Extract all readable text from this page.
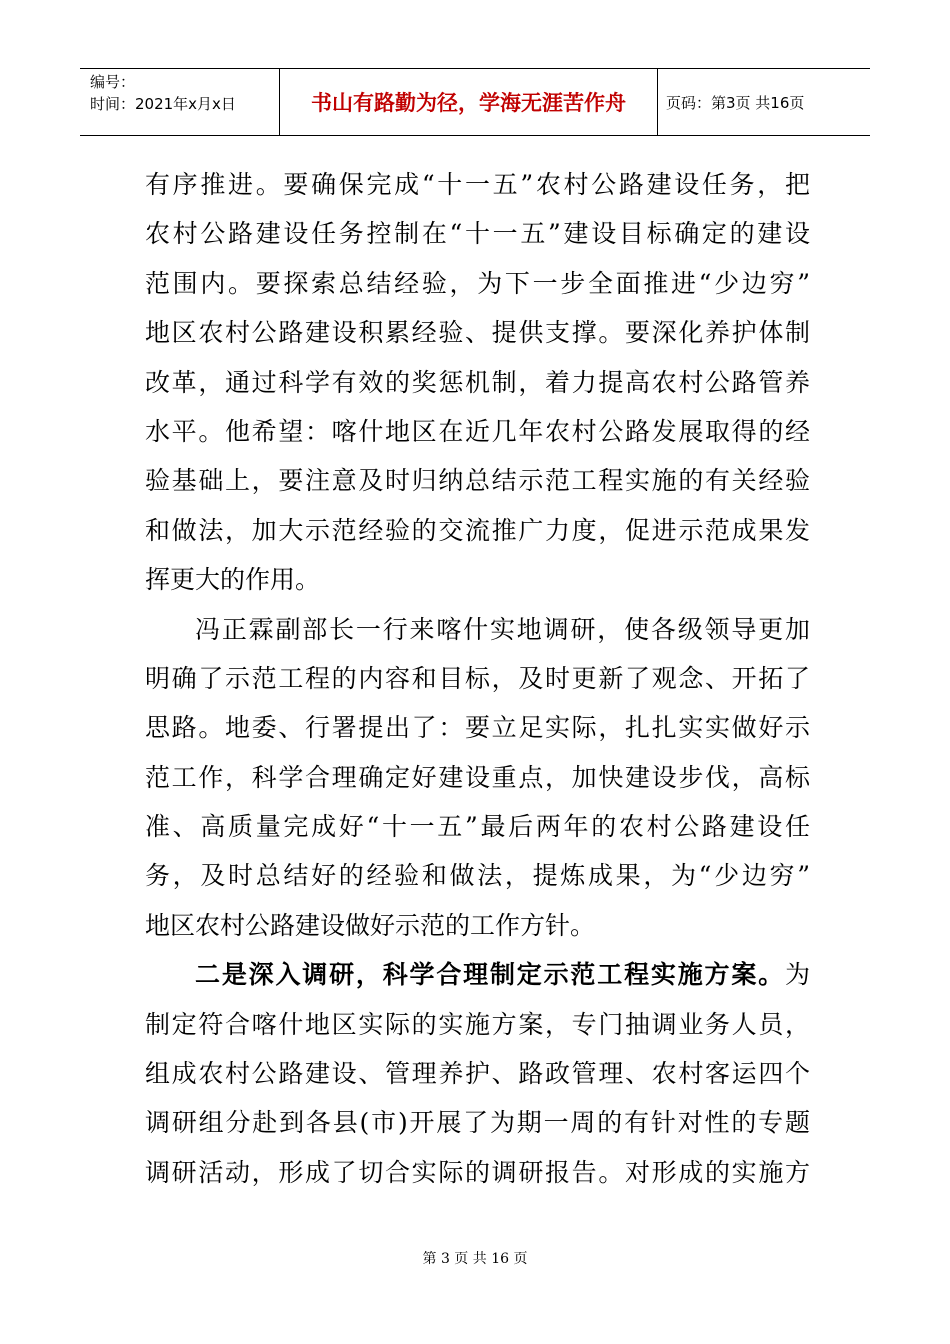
编号：
时间：2021年x月x日	书山有路勤为径，学海无涯苦作舟	页码：第3页 共16页
有序推进。要确保完成“十一五”农村公路建设任务，把
农村公路建设任务控制在“十一五”建设目标确定的建设
范围内。要探索总结经验，为下一步全面推进“少边穷”
地区农村公路建设积累经验、提供支撑。要深化养护体制
改革，通过科学有效的奖惩机制，着力提高农村公路管养
水平。他希望：喀什地区在近几年农村公路发展取得的经
验基础上，要注意及时归纳总结示范工程实施的有关经验
和做法，加大示范经验的交流推广力度，促进示范成果发
挥更大的作用。
冯正霖副部长一行来喀什实地调研，使各级领导更加
明确了示范工程的内容和目标，及时更新了观念、开拓了
思路。地委、行署提出了：要立足实际，扎扎实实做好示
范工作，科学合理确定好建设重点，加快建设步伐，高标
准、高质量完成好“十一五”最后两年的农村公路建设任
务，及时总结好的经验和做法，提炼成果，为“少边穷”
地区农村公路建设做好示范的工作方针。
二是深入调研，科学合理制定示范工程实施方案。为
制定符合喀什地区实际的实施方案，专门抽调业务人员，
组成农村公路建设、管理养护、路政管理、农村客运四个
调研组分赴到各县(市)开展了为期一周的有针对性的专题
调研活动，形成了切合实际的调研报告。对形成的实施方
第 3 页 共 16 页
